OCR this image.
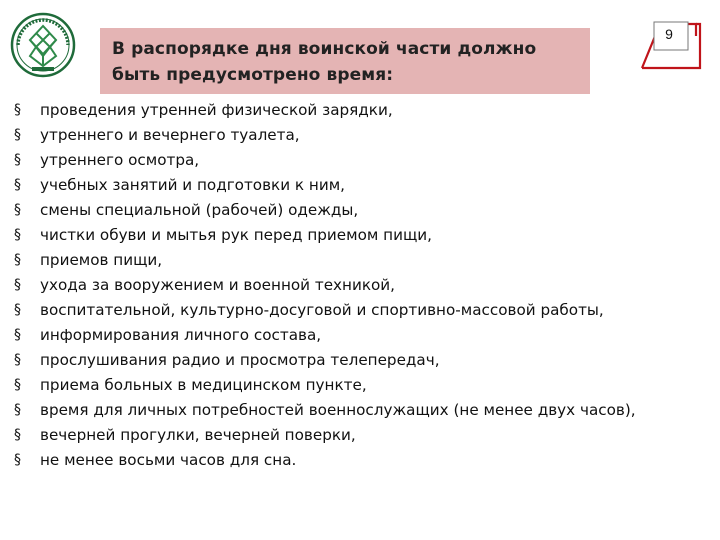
В распорядке дня воинской части должно
быть предусмотрено время:
9
§ проведения утренней физической зарядки,
§ утреннего и вечернего туалета,
§ утреннего осмотра,
§ учебных занятий и подготовки к ним,
§ смены специальной (рабочей) одежды,
§ чистки обуви и мытья рук перед приемом пищи,
§ приемов пищи,
§ ухода за вооружением и военной техникой,
§ воспитательной, культурно-досуговой и спортивно-массовой работы,
§ информирования личного состава,
§ прослушивания радио и просмотра телепередач,
§ приема больных в медицинском пункте,
§ время для личных потребностей военнослужащих (не менее двух часов),
§ вечерней прогулки, вечерней поверки,
§ не менее восьми часов для сна.
